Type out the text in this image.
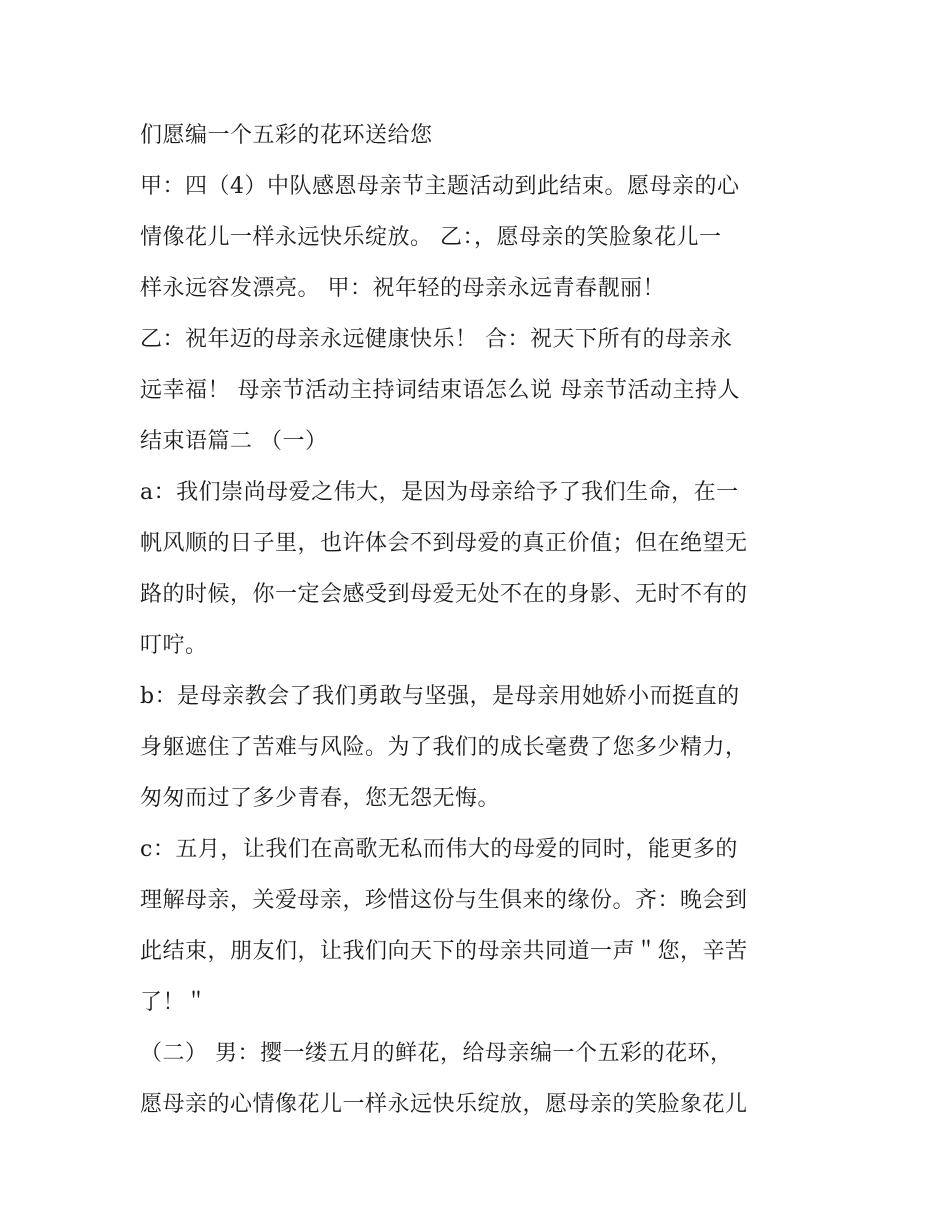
们愿编一个五彩的花环送给您
甲：四（4）中队感恩母亲节主题活动到此结束。愿母亲的心
情像花儿一样永远快乐绽放。 乙：，愿母亲的笑脸象花儿一
样永远容发漂亮。 甲：祝年轻的母亲永远青春靓丽！
乙：祝年迈的母亲永远健康快乐！ 合：祝天下所有的母亲永
远幸福！ 母亲节活动主持词结束语怎么说 母亲节活动主持人
结束语篇二 （一）
a：我们崇尚母爱之伟大，是因为母亲给予了我们生命，在一
帆风顺的日子里，也许体会不到母爱的真正价值；但在绝望无
路的时候，你一定会感受到母爱无处不在的身影、无时不有的
叮咛。
b：是母亲教会了我们勇敢与坚强，是母亲用她娇小而挺直的
身躯遮住了苦难与风险。为了我们的成长毫费了您多少精力，
匆匆而过了多少青春，您无怨无悔。
c：五月，让我们在高歌无私而伟大的母爱的同时，能更多的
理解母亲，关爱母亲，珍惜这份与生俱来的缘份。齐：晚会到
此结束，朋友们，让我们向天下的母亲共同道一声＂您，辛苦
了！＂
（二） 男：撄一缕五月的鲜花，给母亲编一个五彩的花环，
愿母亲的心情像花儿一样永远快乐绽放，愿母亲的笑脸象花儿
